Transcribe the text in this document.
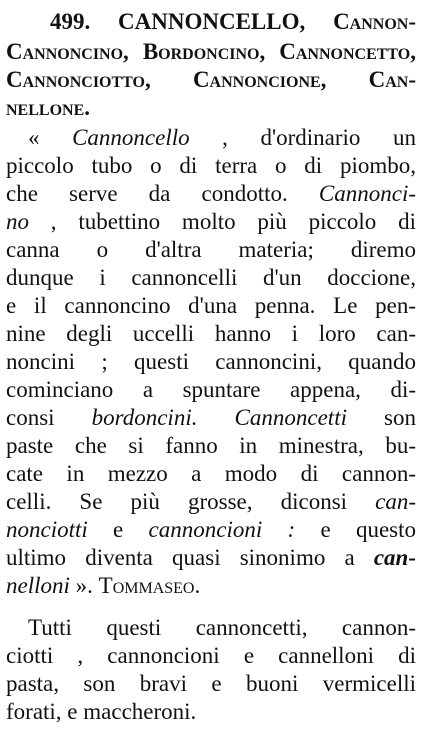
499. CANNONCELLO, Cannon-
Cannoncino, Bordoncino, Cannoncetto,
Cannonciotto, Cannoncione, Can-
nellone.
« Cannoncello , d'ordinario un
piccolo tubo o di terra o di piombo,
che serve da condotto. Cannonci-
no , tubettino molto più piccolo di
canna o d'altra materia; diremo
dunque i cannoncelli d'un doccione,
e il cannoncino d'una penna. Le pen-
nine degli uccelli hanno i loro can-
noncini ; questi cannoncini, quando
cominciano a spuntare appena, di-
consi bordoncini. Cannoncetti son
paste che si fanno in minestra, bu-
cate in mezzo a modo di cannon-
celli. Se più grosse, diconsi can-
nonciotti e cannoncioni : e questo
ultimo diventa quasi sinonimo a can-
nelloni ». Tommaseo.
Tutti questi cannoncetti, cannon-
ciotti , cannoncioni e cannelloni di
pasta, son bravi e buoni vermicelli
forati, e maccheroni.
